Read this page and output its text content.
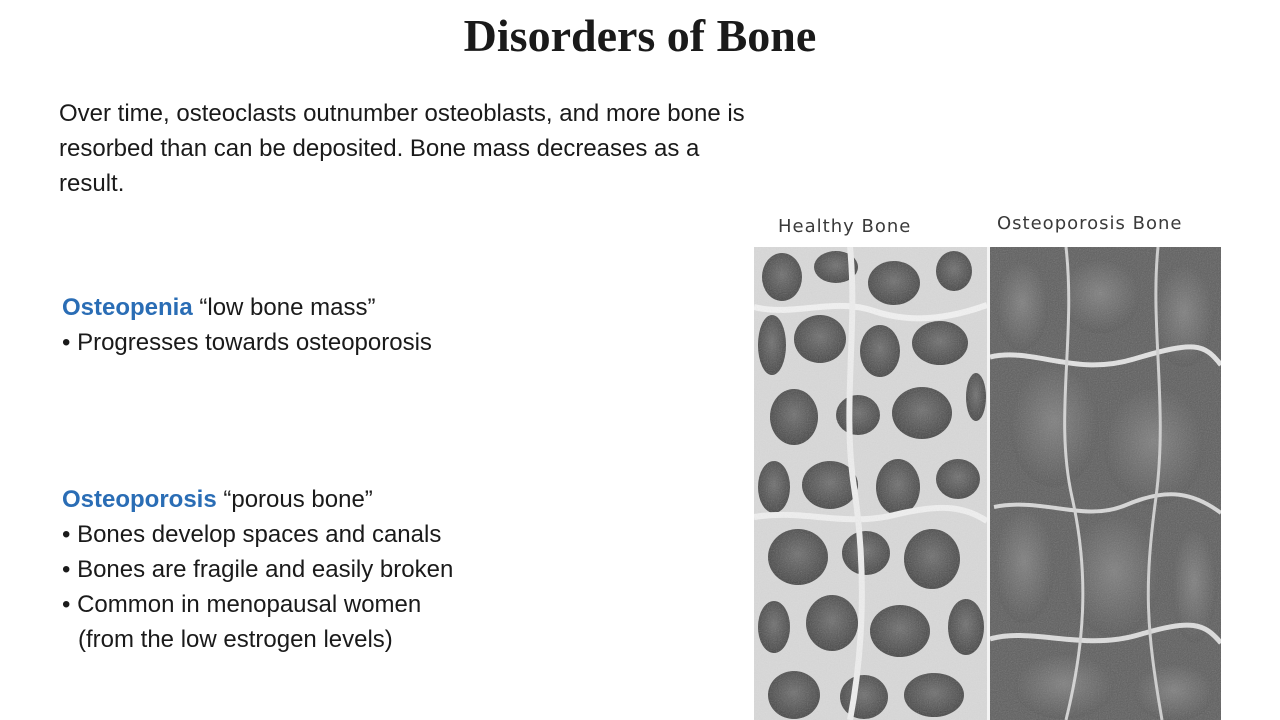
Disorders of Bone

Over time, osteoclasts outnumber osteoblasts, and more bone is resorbed than can be deposited. Bone mass decreases as a result.

Osteopenia “low bone mass”
• Progresses towards osteoporosis
Osteoporosis “porous bone”
• Bones develop spaces and canals
• Bones are fragile and easily broken
• Common in menopausal women
(from the low estrogen levels)
Healthy Bone	Osteoporosis Bone
